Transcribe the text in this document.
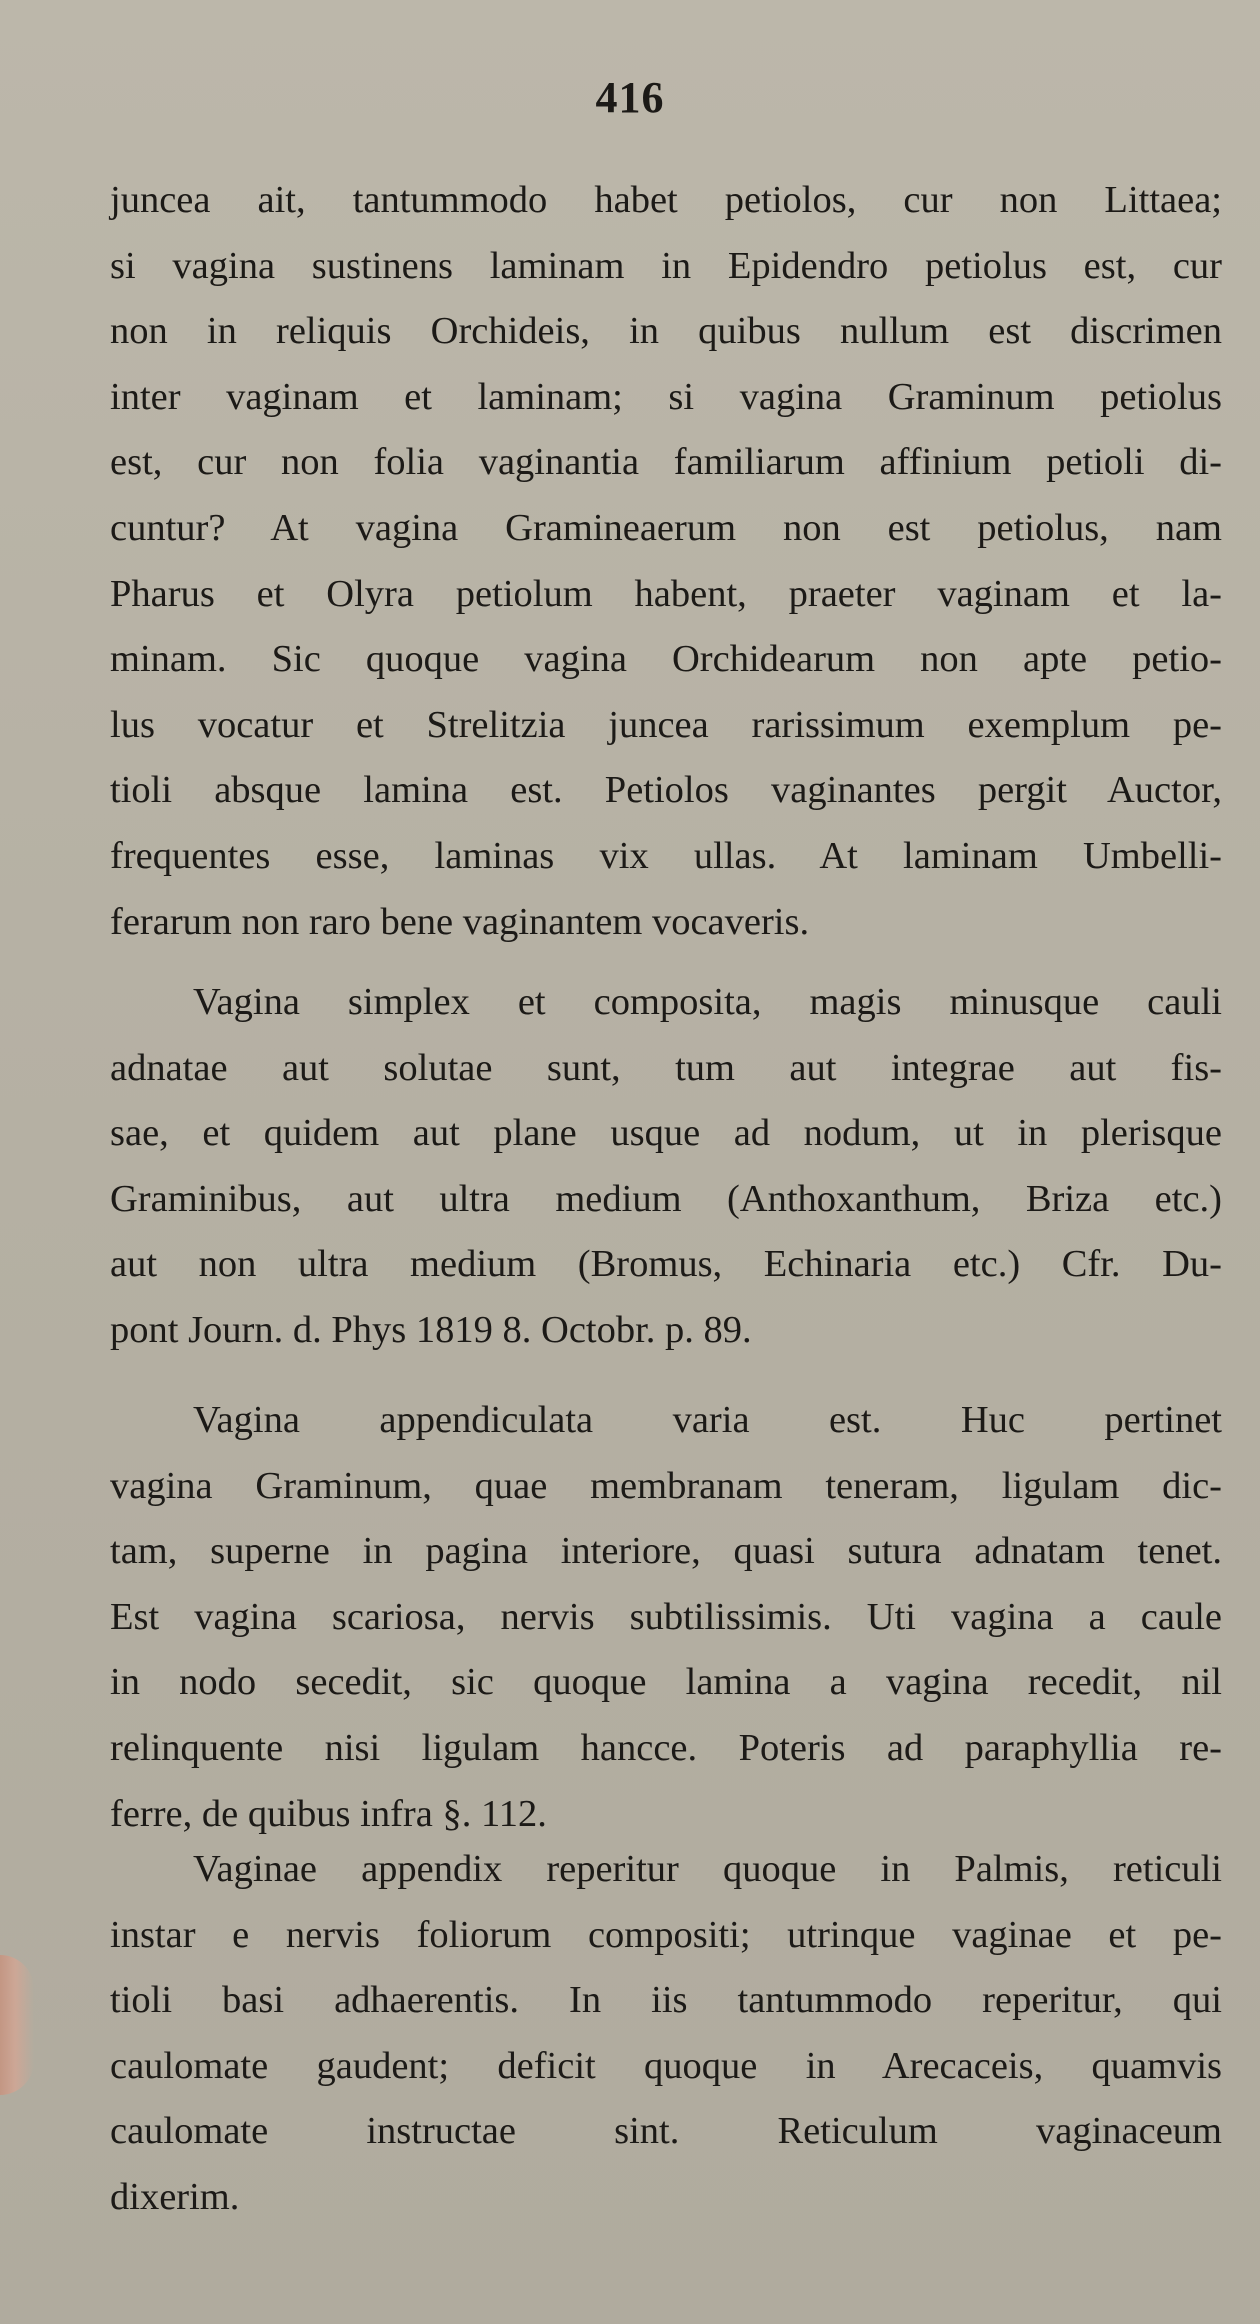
416
juncea ait, tantummodo habet petiolos, cur non Littaea;
si vagina sustinens laminam in Epidendro petiolus est, cur
non in reliquis Orchideis, in quibus nullum est discrimen
inter vaginam et laminam; si vagina Graminum petiolus
est, cur non folia vaginantia familiarum affinium petioli di-
cuntur? At vagina Gramineaerum non est petiolus, nam
Pharus et Olyra petiolum habent, praeter vaginam et la-
minam. Sic quoque vagina Orchidearum non apte petio-
lus vocatur et Strelitzia juncea rarissimum exemplum pe-
tioli absque lamina est. Petiolos vaginantes pergit Auctor,
frequentes esse, laminas vix ullas. At laminam Umbelli-
ferarum non raro bene vaginantem vocaveris.
Vagina simplex et composita, magis minusque cauli
adnatae aut solutae sunt, tum aut integrae aut fis-
sae, et quidem aut plane usque ad nodum, ut in plerisque
Graminibus, aut ultra medium (Anthoxanthum, Briza etc.)
aut non ultra medium (Bromus, Echinaria etc.) Cfr. Du-
pont Journ. d. Phys 1819 8. Octobr. p. 89.
Vagina appendiculata varia est. Huc pertinet
vagina Graminum, quae membranam teneram, ligulam dic-
tam, superne in pagina interiore, quasi sutura adnatam tenet.
Est vagina scariosa, nervis subtilissimis. Uti vagina a caule
in nodo secedit, sic quoque lamina a vagina recedit, nil
relinquente nisi ligulam hancce. Poteris ad paraphyllia re-
ferre, de quibus infra §. 112.
Vaginae appendix reperitur quoque in Palmis, reticuli
instar e nervis foliorum compositi; utrinque vaginae et pe-
tioli basi adhaerentis. In iis tantummodo reperitur, qui
caulomate gaudent; deficit quoque in Arecaceis, quamvis
caulomate instructae sint. Reticulum vaginaceum
dixerim.
